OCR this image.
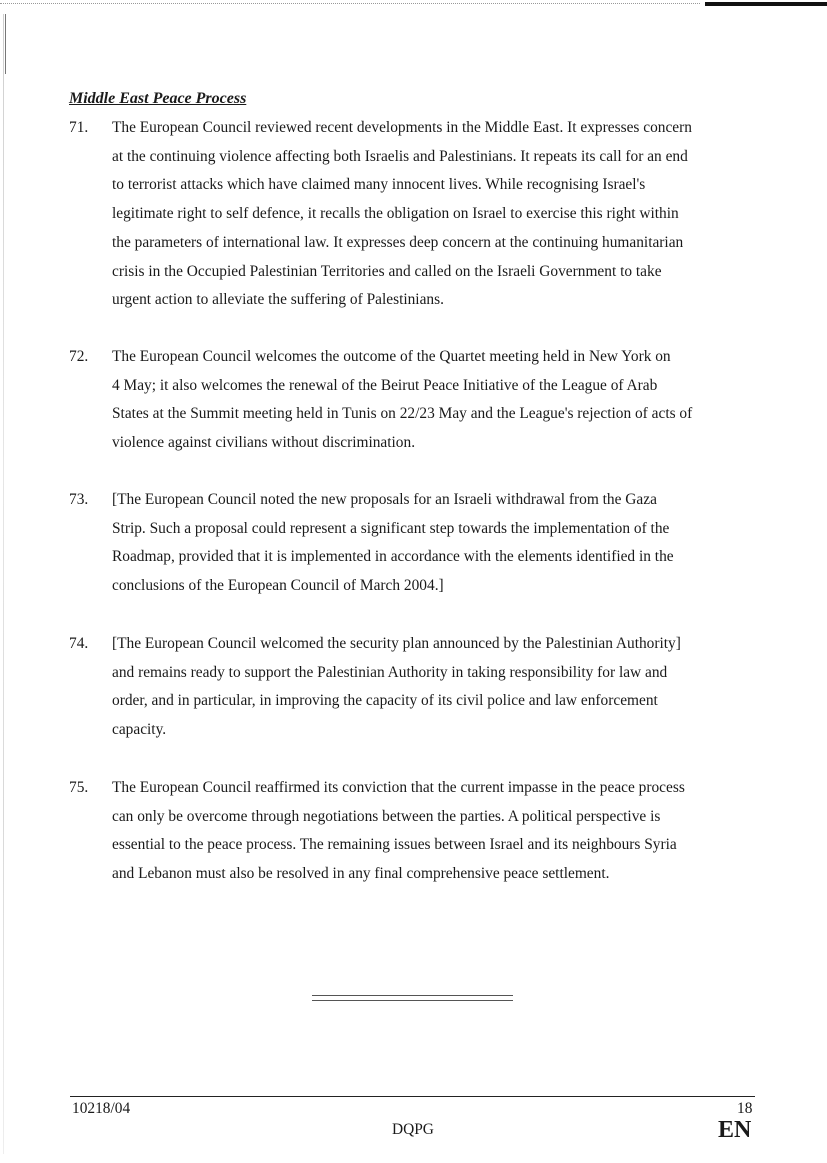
Middle East Peace Process
71.	The European Council reviewed recent developments in the Middle East. It expresses concern
at the continuing violence affecting both Israelis and Palestinians. It repeats its call for an end
to terrorist attacks which have claimed many innocent lives. While recognising Israel's
legitimate right to self defence, it recalls the obligation on Israel to exercise this right within
the parameters of international law. It expresses deep concern at the continuing humanitarian
crisis in the Occupied Palestinian Territories and called on the Israeli Government to take
urgent action to alleviate the suffering of Palestinians.
72.	The European Council welcomes the outcome of the Quartet meeting held in New York on
4 May; it also welcomes the renewal of the Beirut Peace Initiative of the League of Arab
States at the Summit meeting held in Tunis on 22/23 May and the League's rejection of acts of
violence against civilians without discrimination.
73.	[The European Council noted the new proposals for an Israeli withdrawal from the Gaza
Strip. Such a proposal could represent a significant step towards the implementation of the
Roadmap, provided that it is implemented in accordance with the elements identified in the
conclusions of the European Council of March 2004.]
74.	[The European Council welcomed the security plan announced by the Palestinian Authority]
and remains ready to support the Palestinian Authority in taking responsibility for law and
order, and in particular, in improving the capacity of its civil police and law enforcement
capacity.
75.	The European Council reaffirmed its conviction that the current impasse in the peace process
can only be overcome through negotiations between the parties. A political perspective is
essential to the peace process. The remaining issues between Israel and its neighbours Syria
and Lebanon must also be resolved in any final comprehensive peace settlement.
10218/04
DQPG
18
EN
